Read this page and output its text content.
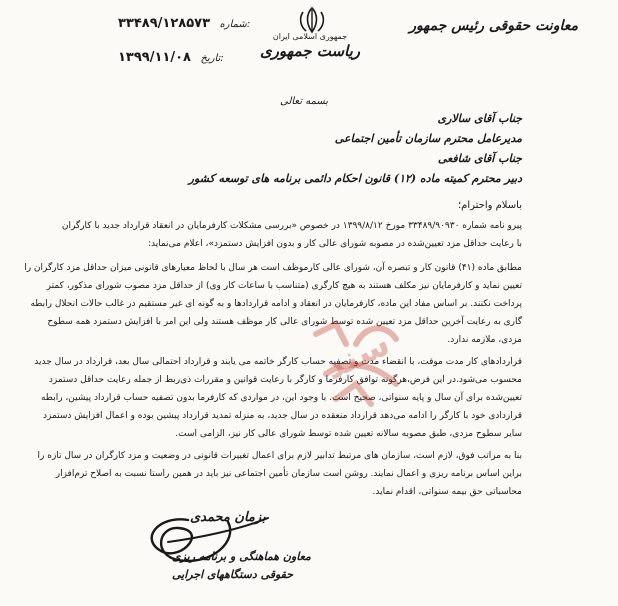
معاونت حقوقی رئیس جمهور
جمهوری اسلامی ایران
ریاست جمهوری
۳۳۴۸۹/۱۲۸۵۷۳ شماره:
۱۳۹۹/۱۱/۰۸ تاریخ:
بسمه تعالی
جناب آقای سالاری
مدیرعامل محترم سازمان تأمین اجتماعی
جناب آقای شافعی
دبیر محترم کمیته ماده (۱۲) قانون احکام دائمی برنامه های توسعه کشور
باسلام واحترام؛
پیرو نامه شماره ۳۳۴۸۹/۹۰۹۳۰ مورخ ۱۳۹۹/۸/۱۲ در خصوص «بررسی مشکلات کارفرمایان در انعقاد قرارداد جدید با کارگران
با رعایت حداقل مزد تعیین‌شده در مصوبه شورای عالی کار و بدون افزایش دستمزد»، اعلام می‌نماید:
مطابق ماده (۴۱) قانون کار و تبصره آن، شورای عالی کارموظف است هر سال با لحاظ معیارهای قانونی میزان حداقل مزد کارگران را
تعیین نماید و کارفرمایان نیز مکلف هستند به هیچ کارگری (متناسب با ساعات کار وی) از حداقل مزد مصوب شورای مذکور، کمتر
پرداخت نکنند. بر اساس مفاد این ماده، کارفرمایان در انعقاد و ادامه قراردادها و به گونه ای غیر مستقیم در غالب حالات انحلال رابطه
گاری به رعایت آخرین حداقل مزد تعیین شده توسط شورای عالی کار موظف هستند ولی این امر با افزایش دستمزد همه سطوح
مزدی، ملازمه ندارد.
قراردادهای کار مدت موقت، با انقضاء مدت و تصفیه حساب کارگر خاتمه می یابند و قرارداد احتمالی سال بعد، قرارداد در سال جدید
محسوب می‌شود.در این فرض،هرگونه توافق کارفرما و کارگر با رعایت قوانین و مقررات ذی‌ربط از جمله رعایت حداقل دستمزد
تعیین‌شده برای آن سال و پایه سنواتی، صحیح است. با وجود این، در مواردی که کارفرما بدون تصفیه حساب قرارداد پیشین، رابطه
قراردادی خود با کارگر را ادامه می‌دهد قرارداد منعقده در سال جدید، به منزله تمدید قرارداد پیشین بوده و اعمال افزایش دستمزد
سایر سطوح مزدی، طبق مصوبه سالانه تعیین شده توسط شورای عالی کار نیز، الزامی است.
بنا به مراتب فوق، لازم است، سازمان های مرتبط تدابیر لازم برای اعمال تغییرات قانونی در وضعیت و مزد کارگران در سال تازه را
براین اساس برنامه ریزی و اعمال نمایند. روشن است سازمان تأمین اجتماعی نیز باید در همین راستا نسبت به اصلاح ترم‌افزار
محاسباتی حق بیمه سنواتی، اقدام نماید.
سند
بزمان محمدی
معاون هماهنگی و برنامه ریزی
حقوقی دستگاههای اجرایی
